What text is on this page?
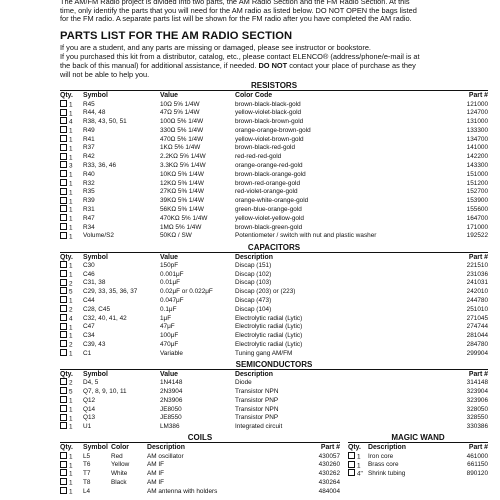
The AM/FM Radio project is divided into two parts, the AM Radio Section and the FM Radio Section. At this

time, only identify the parts that you will need for the AM radio as listed below. DO NOT OPEN the bags listed

for the FM radio. A separate parts list will be shown for the FM radio after you have completed the AM radio.

PARTS LIST FOR THE AM RADIO SECTION

If you are a student, and any parts are missing or damaged, please see instructor or bookstore.

If you purchased this kit from a distributor, catalog, etc., please contact ELENCO® (address/phone/e-mail is at
the back of this manual) for additional assistance, if needed. DO NOT contact your place of purchase as they
will not be able to help you.

RESISTORS
Qty.	Symbol	Value	Color Code	Part #
1	R45	10Ω 5% 1/4W	brown-black-black-gold	121000
1	R44, 48	47Ω 5% 1/4W	yellow-violet-black-gold	124700
4	R38, 43, 50, 51	100Ω 5% 1/4W	brown-black-brown-gold	131000
1	R49	330Ω 5% 1/4W	orange-orange-brown-gold	133300
1	R41	470Ω 5% 1/4W	yellow-violet-brown-gold	134700
1	R37	1KΩ 5% 1/4W	brown-black-red-gold	141000
1	R42	2.2KΩ 5% 1/4W	red-red-red-gold	142200
3	R33, 36, 46	3.3KΩ 5% 1/4W	orange-orange-red-gold	143300
1	R40	10KΩ 5% 1/4W	brown-black-orange-gold	151000
1	R32	12KΩ 5% 1/4W	brown-red-orange-gold	151200
1	R35	27KΩ 5% 1/4W	red-violet-orange-gold	152700
1	R39	39KΩ 5% 1/4W	orange-white-orange-gold	153900
1	R31	56KΩ 5% 1/4W	green-blue-orange-gold	155600
1	R47	470KΩ 5% 1/4W	yellow-violet-yellow-gold	164700
1	R34	1MΩ 5% 1/4W	brown-black-green-gold	171000
1	Volume/S2	50KΩ / SW	Potentiometer / switch with nut and plastic washer	192522
CAPACITORS
Qty.	Symbol	Value	Description	Part #
1	C30	150pF	Discap (151)	221510
1	C46	0.001μF	Discap (102)	231036
2	C31, 38	0.01μF	Discap (103)	241031
5	C29, 33, 35, 36, 37	0.02μF or 0.022μF	Discap (203) or (223)	242010
1	C44	0.047μF	Discap (473)	244780
2	C28, C45	0.1μF	Discap (104)	251010
4	C32, 40, 41, 42	1μF	Electrolytic radial (Lytic)	271045
1	C47	47μF	Electrolytic radial (Lytic)	274744
1	C34	100μF	Electrolytic radial (Lytic)	281044
2	C39, 43	470μF	Electrolytic radial (Lytic)	284780
1	C1	Variable	Tuning gang AM/FM	299904
SEMICONDUCTORS
Qty.	Symbol	Value	Description	Part #
2	D4, 5	1N4148	Diode	314148
5	Q7, 8, 9, 10, 11	2N3904	Transistor NPN	323904
1	Q12	2N3906	Transistor PNP	323906
1	Q14	JE8050	Transistor NPN	328050
1	Q13	JE8550	Transistor PNP	328550
1	U1	LM386	Integrated circuit	330386
COILS
Qty.	Symbol	Color	Description	Part #
1	L5	Red	AM oscillator	430057
1	T6	Yellow	AM IF	430260
1	T7	White	AM IF	430262
1	T8	Black	AM IF	430264
1	L4		AM antenna with holders	484004
MAGIC WAND
Qty.	Description	Part #
1	Iron core	461000
1	Brass core	661150
4"	Shrink tubing	890120
